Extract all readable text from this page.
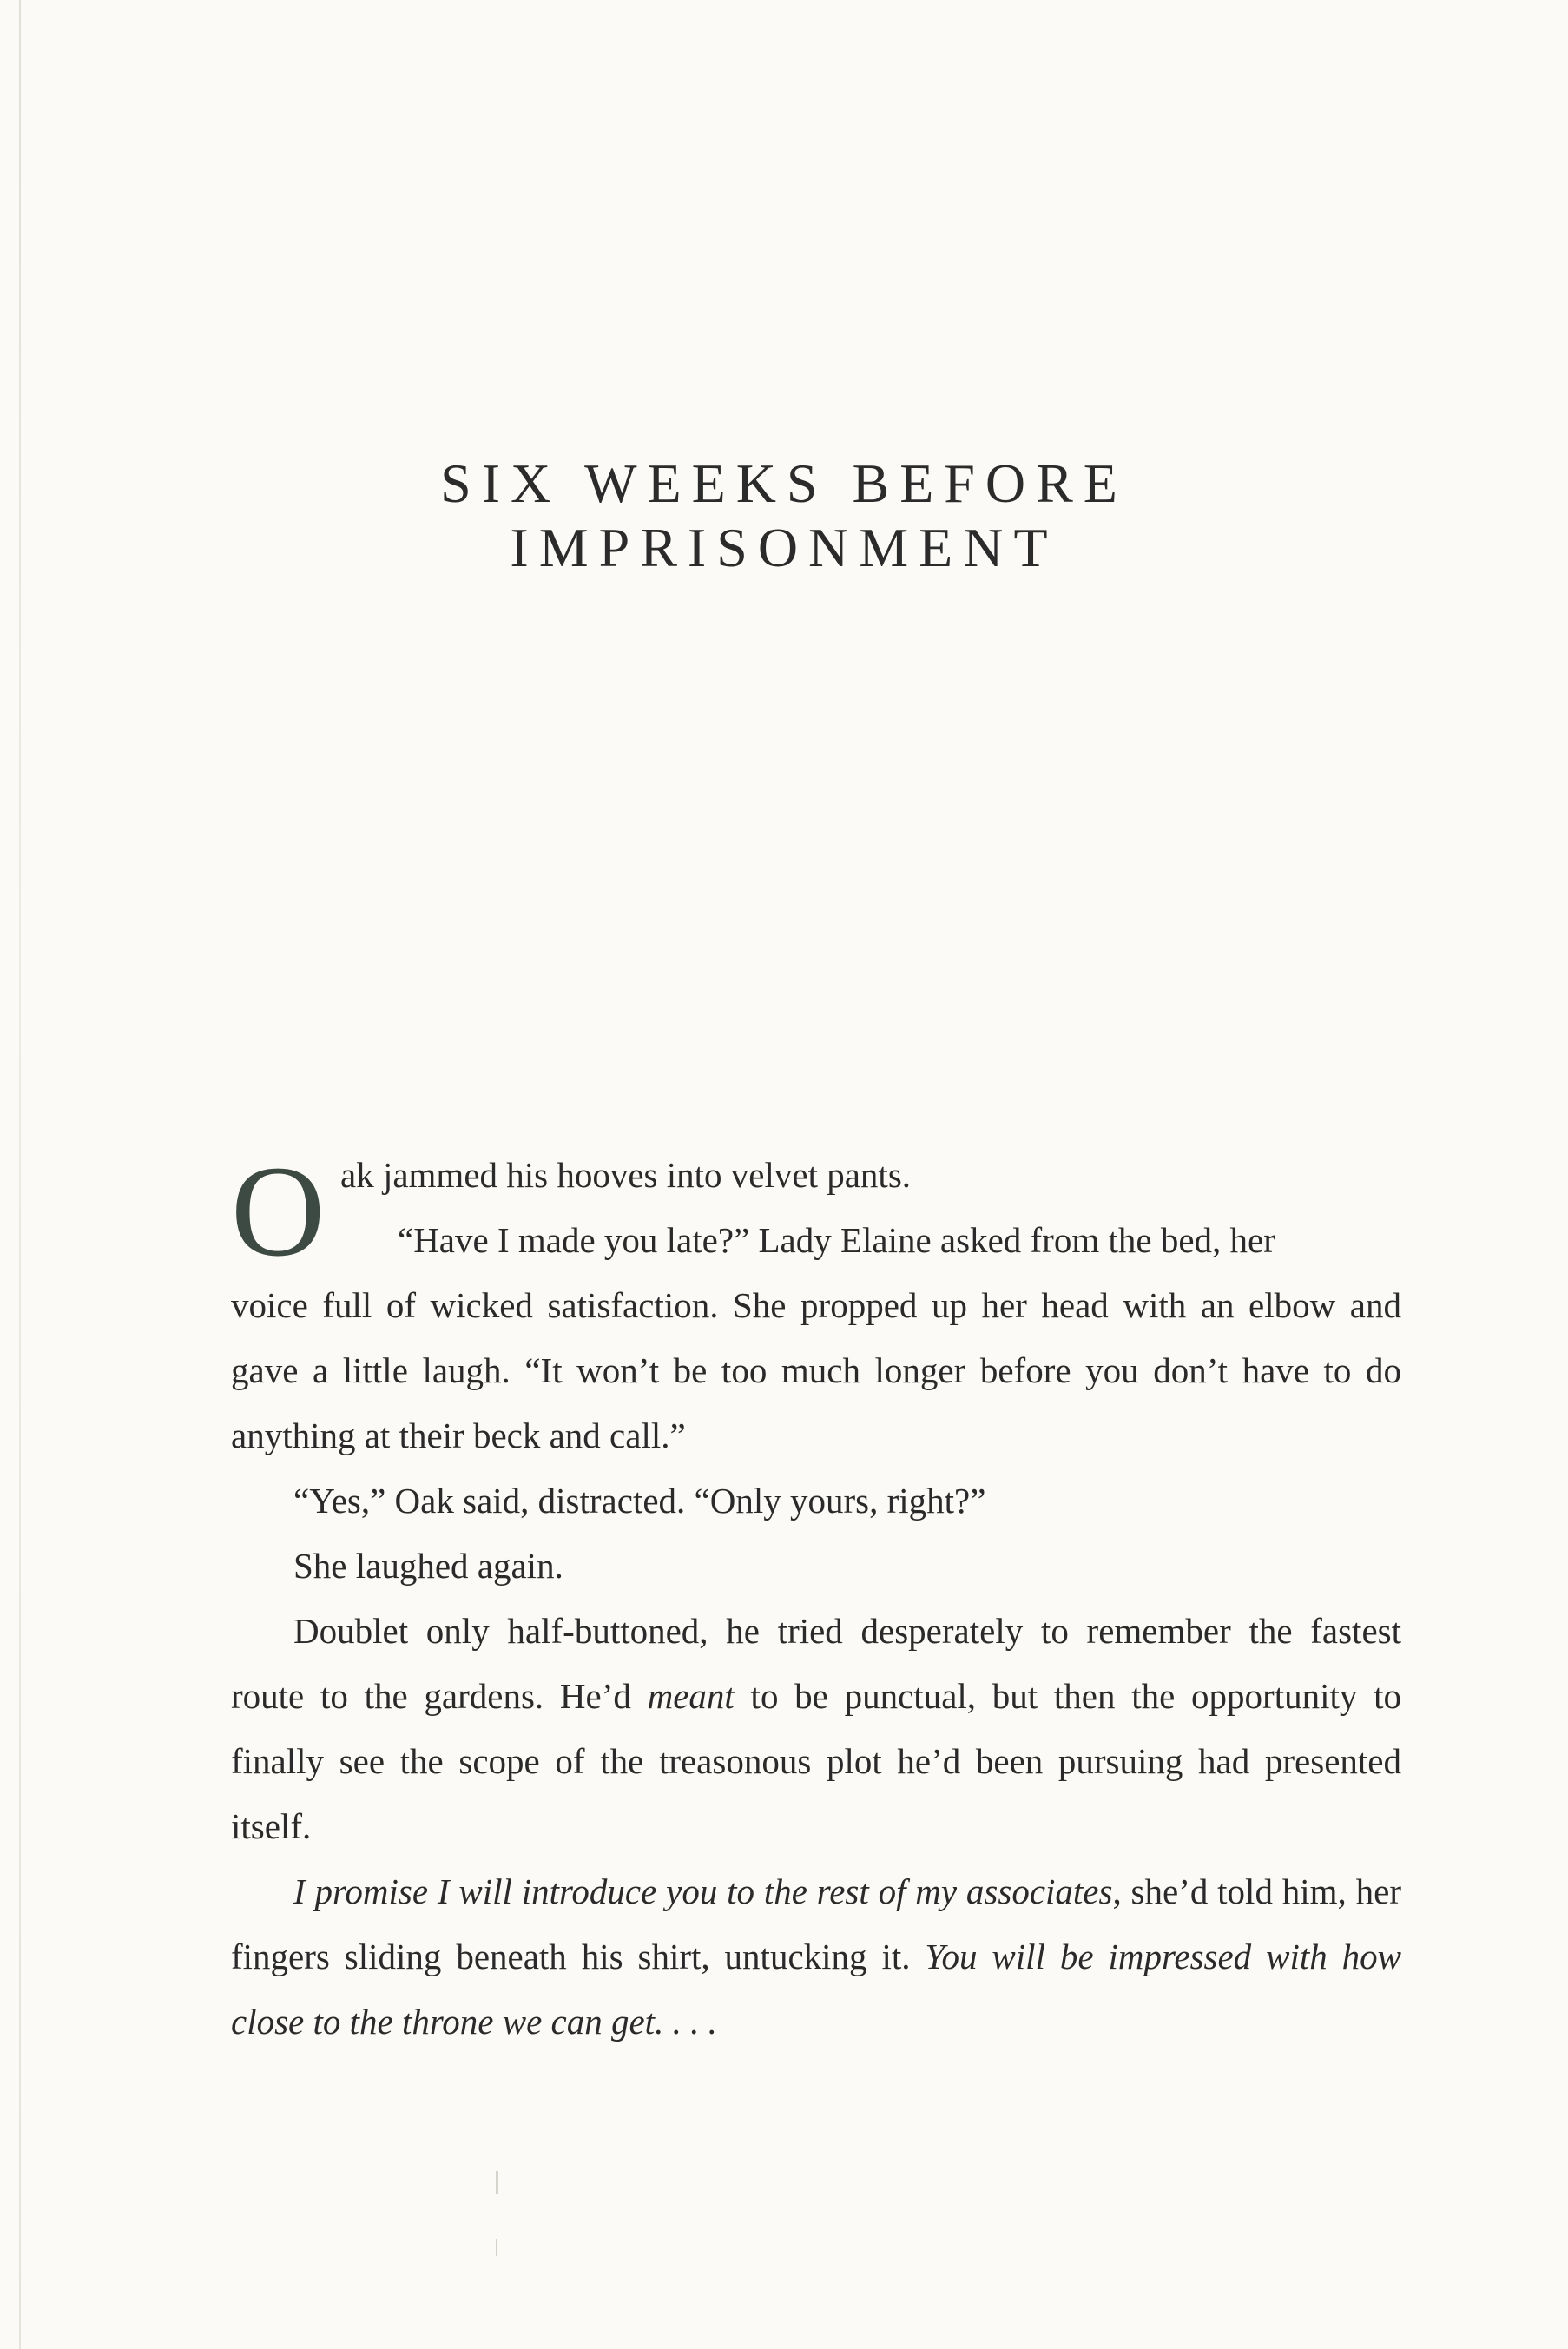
SIX WEEKS BEFORE
IMPRISONMENT

O ak jammed his hooves into velvet pants.
“Have I made you late?” Lady Elaine asked from the bed, her

voice full of wicked satisfaction. She propped up her head with an elbow and gave a little laugh. “It won’t be too much longer before you don’t have to do anything at their beck and call.”

“Yes,” Oak said, distracted. “Only yours, right?”

She laughed again.

Doublet only half-buttoned, he tried desperately to remember the fastest route to the gardens. He’d meant to be punctual, but then the opportunity to finally see the scope of the treasonous plot he’d been pursuing had presented itself.

I promise I will introduce you to the rest of my associates, she’d told him, her fingers sliding beneath his shirt, untucking it. You will be impressed with how close to the throne we can get. . . .
